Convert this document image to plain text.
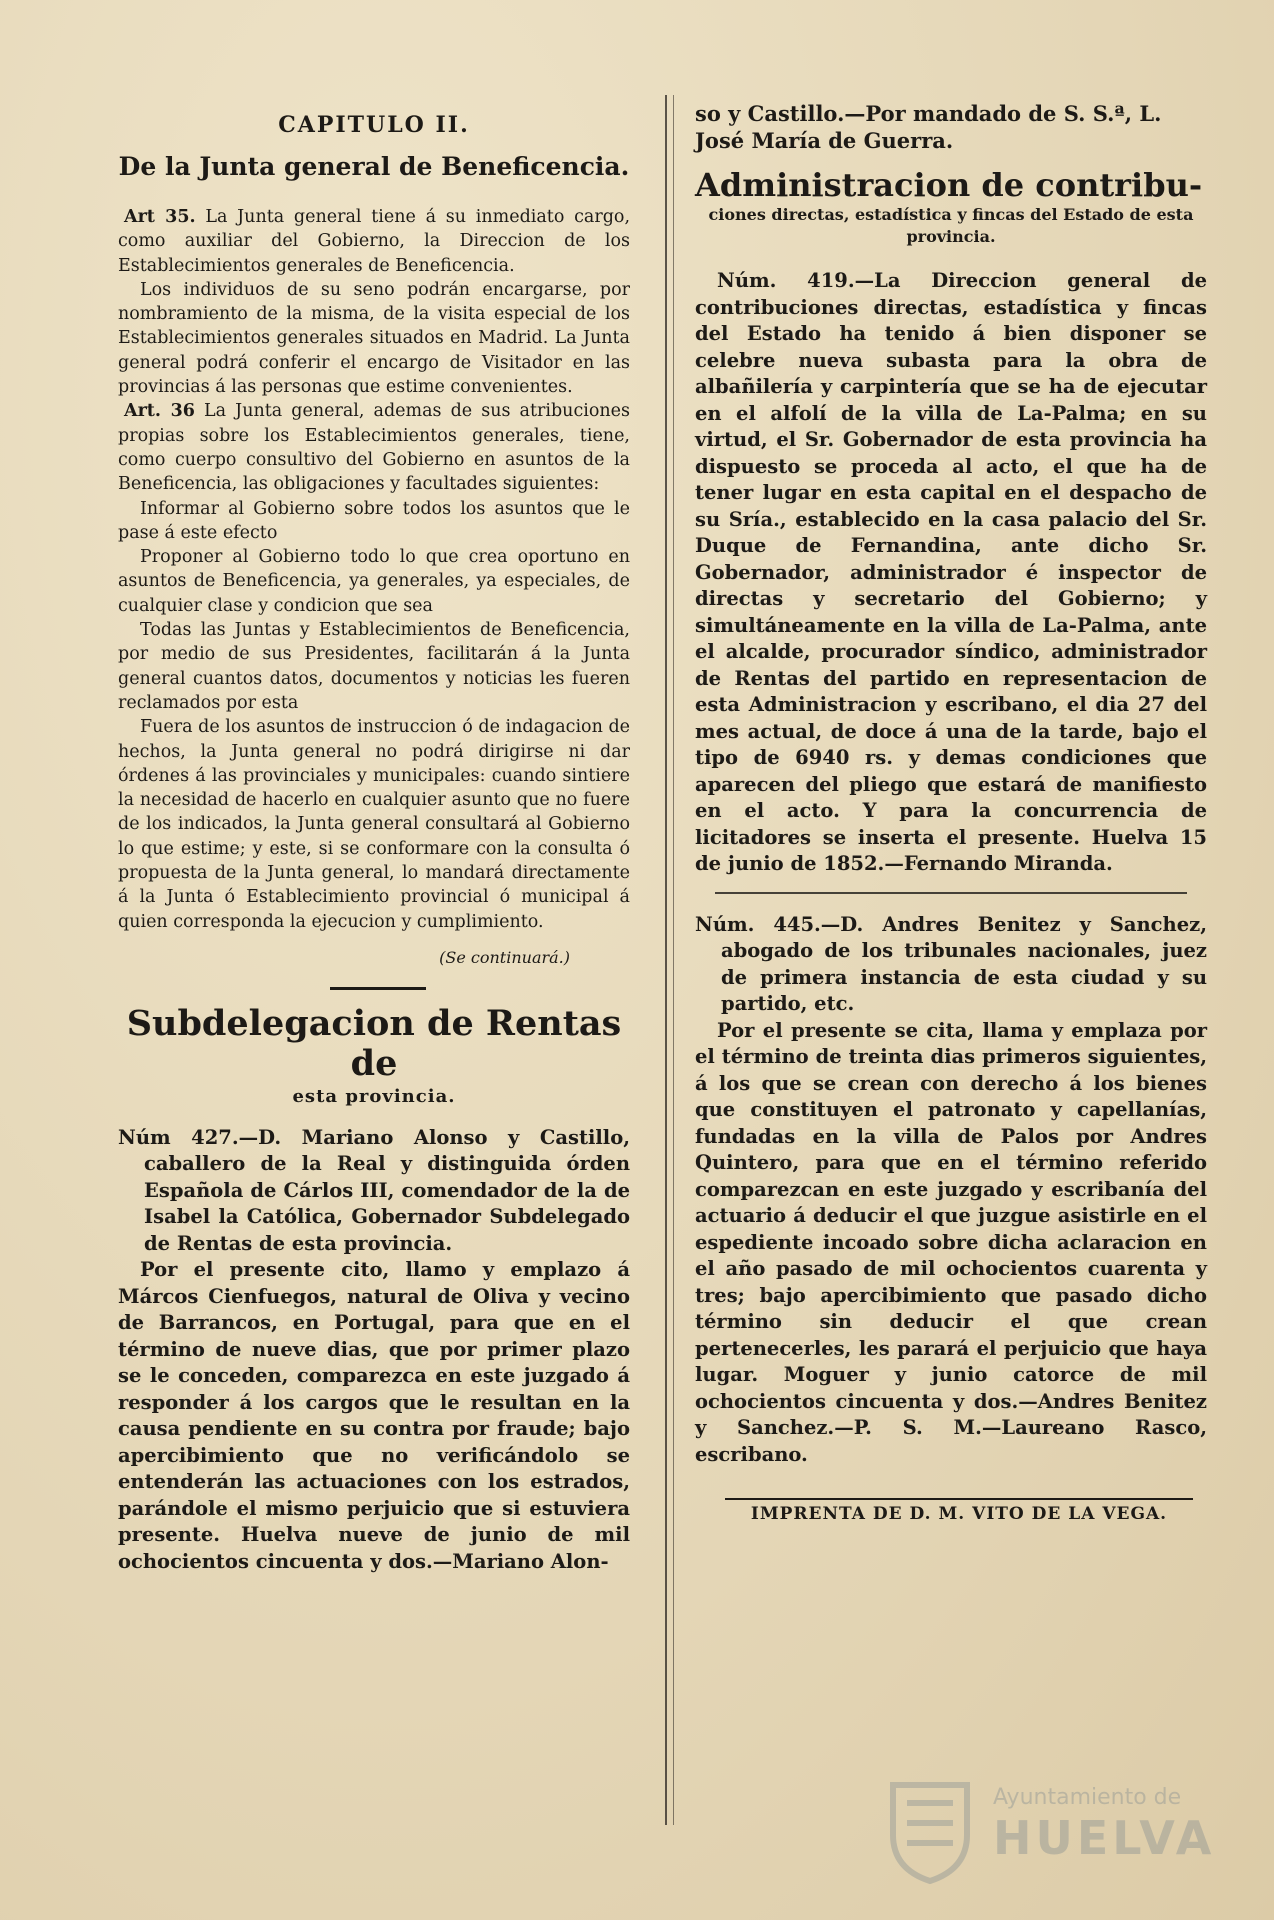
CAPITULO II.
De la Junta general de Beneficencia.

Art 35. La Junta general tiene á su inmediato cargo, como auxiliar del Gobierno, la Direccion de los Establecimientos generales de Beneficencia.

Los individuos de su seno podrán encargarse, por nombramiento de la misma, de la visita especial de los Establecimientos generales situados en Madrid. La Junta general podrá conferir el encargo de Visitador en las provincias á las personas que estime convenientes.

Art. 36 La Junta general, ademas de sus atribuciones propias sobre los Establecimientos generales, tiene, como cuerpo consultivo del Gobierno en asuntos de la Beneficencia, las obligaciones y facultades siguientes:

Informar al Gobierno sobre todos los asuntos que le pase á este efecto

Proponer al Gobierno todo lo que crea oportuno en asuntos de Beneficencia, ya generales, ya especiales, de cualquier clase y condicion que sea

Todas las Juntas y Establecimientos de Beneficencia, por medio de sus Presidentes, facilitarán á la Junta general cuantos datos, documentos y noticias les fueren reclamados por esta

Fuera de los asuntos de instruccion ó de indagacion de hechos, la Junta general no podrá dirigirse ni dar órdenes á las provinciales y municipales: cuando sintiere la necesidad de hacerlo en cualquier asunto que no fuere de los indicados, la Junta general consultará al Gobierno lo que estime; y este, si se conformare con la consulta ó propuesta de la Junta general, lo mandará directamente á la Junta ó Establecimiento provincial ó municipal á quien corresponda la ejecucion y cumplimiento.

(Se continuará.)
Subdelegacion de Rentas de
esta provincia.

Núm 427.—D. Mariano Alonso y Castillo, caballero de la Real y distinguida órden Española de Cárlos III, comendador de la de Isabel la Católica, Gobernador Subdelegado de Rentas de esta provincia.

Por el presente cito, llamo y emplazo á Márcos Cienfuegos, natural de Oliva y vecino de Barrancos, en Portugal, para que en el término de nueve dias, que por primer plazo se le conceden, comparezca en este juzgado á responder á los cargos que le resultan en la causa pendiente en su contra por fraude; bajo apercibimiento que no verificándolo se entenderán las actuaciones con los estrados, parándole el mismo perjuicio que si estuviera presente. Huelva nueve de junio de mil ochocientos cincuenta y dos.—Mariano Alon-

so y Castillo.—Por mandado de S. S.ª, L. José María de Guerra.

Administracion de contribu-
ciones directas, estadística y fincas del Estado de esta provincia.

Núm. 419.—La Direccion general de contribuciones directas, estadística y fincas del Estado ha tenido á bien disponer se celebre nueva subasta para la obra de albañilería y carpintería que se ha de ejecutar en el alfolí de la villa de La-Palma; en su virtud, el Sr. Gobernador de esta provincia ha dispuesto se proceda al acto, el que ha de tener lugar en esta capital en el despacho de su Sría., establecido en la casa palacio del Sr. Duque de Fernandina, ante dicho Sr. Gobernador, administrador é inspector de directas y secretario del Gobierno; y simultáneamente en la villa de La-Palma, ante el alcalde, procurador síndico, administrador de Rentas del partido en representacion de esta Administracion y escribano, el dia 27 del mes actual, de doce á una de la tarde, bajo el tipo de 6940 rs. y demas condiciones que aparecen del pliego que estará de manifiesto en el acto. Y para la concurrencia de licitadores se inserta el presente. Huelva 15 de junio de 1852.—Fernando Miranda.

Núm. 445.—D. Andres Benitez y Sanchez, abogado de los tribunales nacionales, juez de primera instancia de esta ciudad y su partido, etc.

Por el presente se cita, llama y emplaza por el término de treinta dias primeros siguientes, á los que se crean con derecho á los bienes que constituyen el patronato y capellanías, fundadas en la villa de Palos por Andres Quintero, para que en el término referido comparezcan en este juzgado y escribanía del actuario á deducir el que juzgue asistirle en el espediente incoado sobre dicha aclaracion en el año pasado de mil ochocientos cuarenta y tres; bajo apercibimiento que pasado dicho término sin deducir el que crean pertenecerles, les parará el perjuicio que haya lugar. Moguer y junio catorce de mil ochocientos cincuenta y dos.—Andres Benitez y Sanchez.—P. S. M.—Laureano Rasco, escribano.

IMPRENTA DE D. M. VITO DE LA VEGA.
Ayuntamiento de
HUELVA
